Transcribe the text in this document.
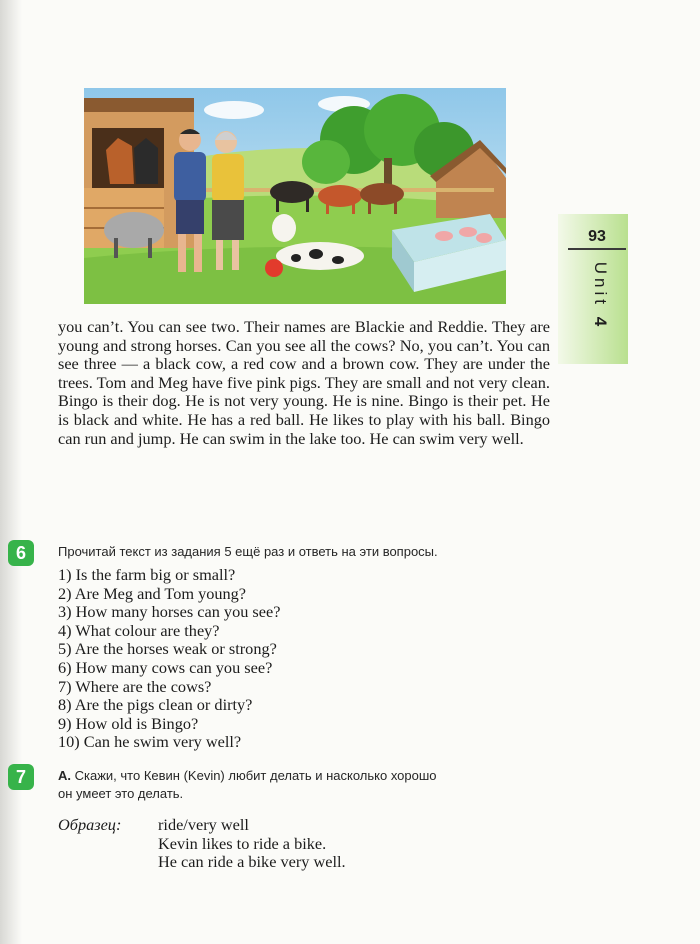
93
Unit 4

you can’t. You can see two. Their names are Blackie and Reddie. They are young and strong horses. Can you see all the cows? No, you can’t. You can see three — a black cow, a red cow and a brown cow. They are under the trees. Tom and Meg have five pink pigs. They are small and not very clean. Bingo is their dog. He is not very young. He is nine. Bingo is their pet. He is black and white. He has a red ball. He likes to play with his ball. Bingo can run and jump. He can swim in the lake too. He can swim very well.

6	Прочитай текст из задания 5 ещё раз и ответь на эти вопросы.

1) Is the farm big or small?
2) Are Meg and Tom young?
3) How many horses can you see?
4) What colour are they?
5) Are the horses weak or strong?
6) How many cows can you see?
7) Where are the cows?
8) Are the pigs clean or dirty?
9) How old is Bingo?
10) Can he swim very well?
7	A. Скажи, что Кевин (Kevin) любит делать и насколько хорошо
он умеет это делать.

Образец:	ride/very well
Kevin likes to ride a bike.
He can ride a bike very well.
